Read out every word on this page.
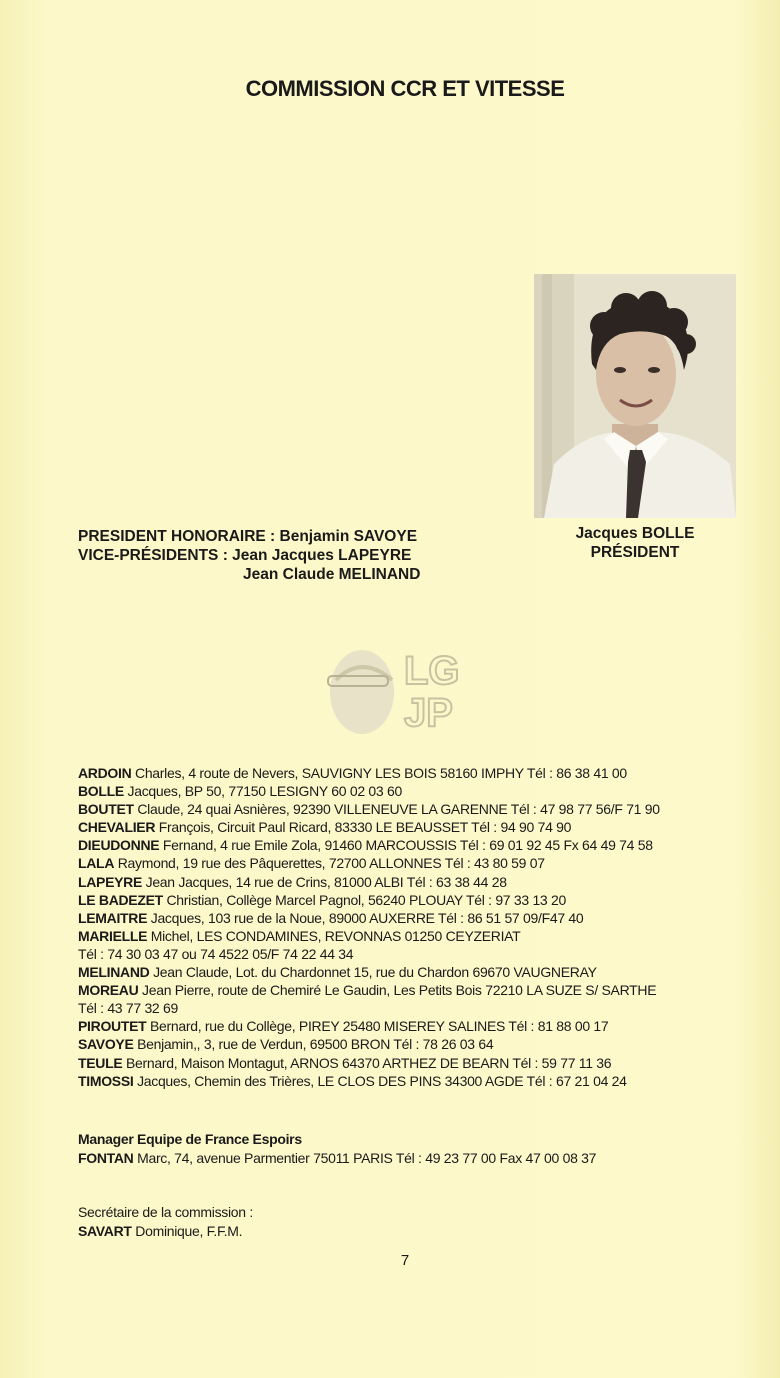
COMMISSION CCR ET VITESSE
Jacques BOLLE
PRÉSIDENT
PRESIDENT HONORAIRE : Benjamin SAVOYE
VICE-PRÉSIDENTS : Jean Jacques LAPEYRE
Jean Claude MELINAND
LG
JP
ARDOIN Charles, 4 route de Nevers, SAUVIGNY LES BOIS 58160 IMPHY Tél : 86 38 41 00
BOLLE Jacques, BP 50, 77150 LESIGNY 60 02 03 60
BOUTET Claude, 24 quai Asnières, 92390 VILLENEUVE LA GARENNE Tél : 47 98 77 56/F 71 90
CHEVALIER François, Circuit Paul Ricard, 83330 LE BEAUSSET Tél : 94 90 74 90
DIEUDONNE Fernand, 4 rue Emile Zola, 91460 MARCOUSSIS Tél : 69 01 92 45 Fx 64 49 74 58
LALA Raymond, 19 rue des Pâquerettes, 72700 ALLONNES Tél : 43 80 59 07
LAPEYRE Jean Jacques, 14 rue de Crins, 81000 ALBI Tél : 63 38 44 28
LE BADEZET Christian, Collège Marcel Pagnol, 56240 PLOUAY Tél : 97 33 13 20
LEMAITRE Jacques, 103 rue de la Noue, 89000 AUXERRE Tél : 86 51 57 09/F47 40
MARIELLE Michel, LES CONDAMINES, REVONNAS 01250 CEYZERIAT
Tél : 74 30 03 47 ou 74 4522 05/F 74 22 44 34
MELINAND Jean Claude, Lot. du Chardonnet 15, rue du Chardon 69670 VAUGNERAY
MOREAU Jean Pierre, route de Chemiré Le Gaudin, Les Petits Bois 72210 LA SUZE S/ SARTHE
Tél : 43 77 32 69
PIROUTET Bernard, rue du Collège, PIREY 25480 MISEREY SALINES Tél : 81 88 00 17
SAVOYE Benjamin,, 3, rue de Verdun, 69500 BRON Tél : 78 26 03 64
TEULE Bernard, Maison Montagut, ARNOS 64370 ARTHEZ DE BEARN Tél : 59 77 11 36
TIMOSSI Jacques, Chemin des Trières, LE CLOS DES PINS 34300 AGDE Tél : 67 21 04 24
Manager Equipe de France Espoirs
FONTAN Marc, 74, avenue Parmentier 75011 PARIS Tél : 49 23 77 00 Fax 47 00 08 37
Secrétaire de la commission :
SAVART Dominique, F.F.M.
7
